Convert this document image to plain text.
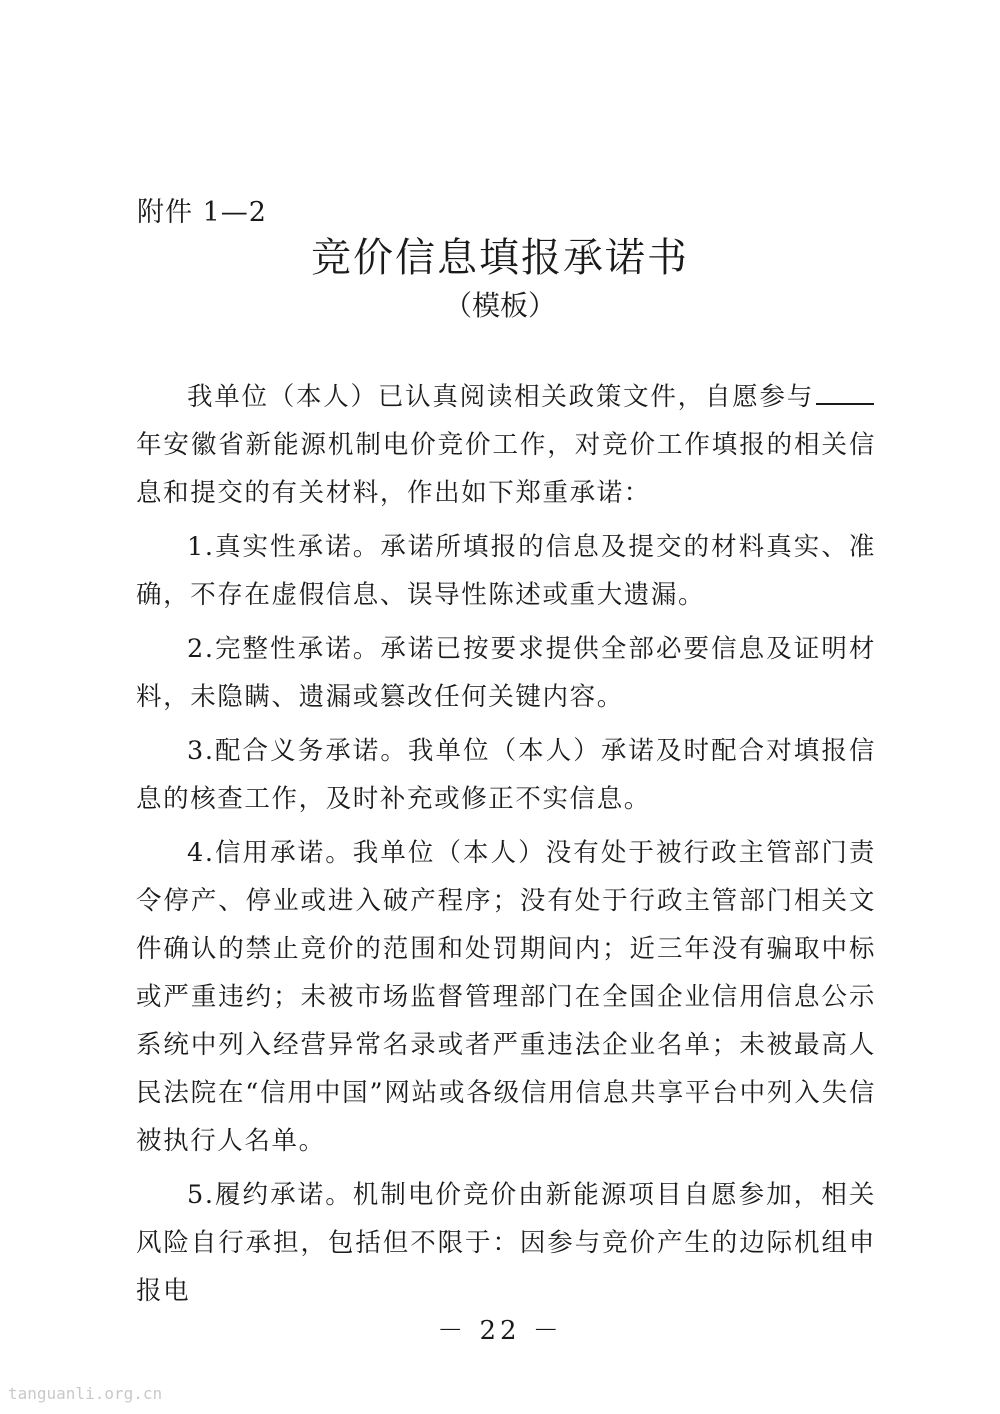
附件 1—2
竞价信息填报承诺书
（模板）

我单位（本人）已认真阅读相关政策文件，自愿参与年安徽省新能源机制电价竞价工作，对竞价工作填报的相关信息和提交的有关材料，作出如下郑重承诺：

1.真实性承诺。承诺所填报的信息及提交的材料真实、准确，不存在虚假信息、误导性陈述或重大遗漏。

2.完整性承诺。承诺已按要求提供全部必要信息及证明材料，未隐瞒、遗漏或篡改任何关键内容。

3.配合义务承诺。我单位（本人）承诺及时配合对填报信息的核查工作，及时补充或修正不实信息。

4.信用承诺。我单位（本人）没有处于被行政主管部门责令停产、停业或进入破产程序；没有处于行政主管部门相关文件确认的禁止竞价的范围和处罚期间内；近三年没有骗取中标或严重违约；未被市场监督管理部门在全国企业信用信息公示系统中列入经营异常名录或者严重违法企业名单；未被最高人民法院在“信用中国”网站或各级信用信息共享平台中列入失信被执行人名单。

5.履约承诺。机制电价竞价由新能源项目自愿参加，相关风险自行承担，包括但不限于：因参与竞价产生的边际机组申报电

－ 22 －
tanguanli.org.cn
